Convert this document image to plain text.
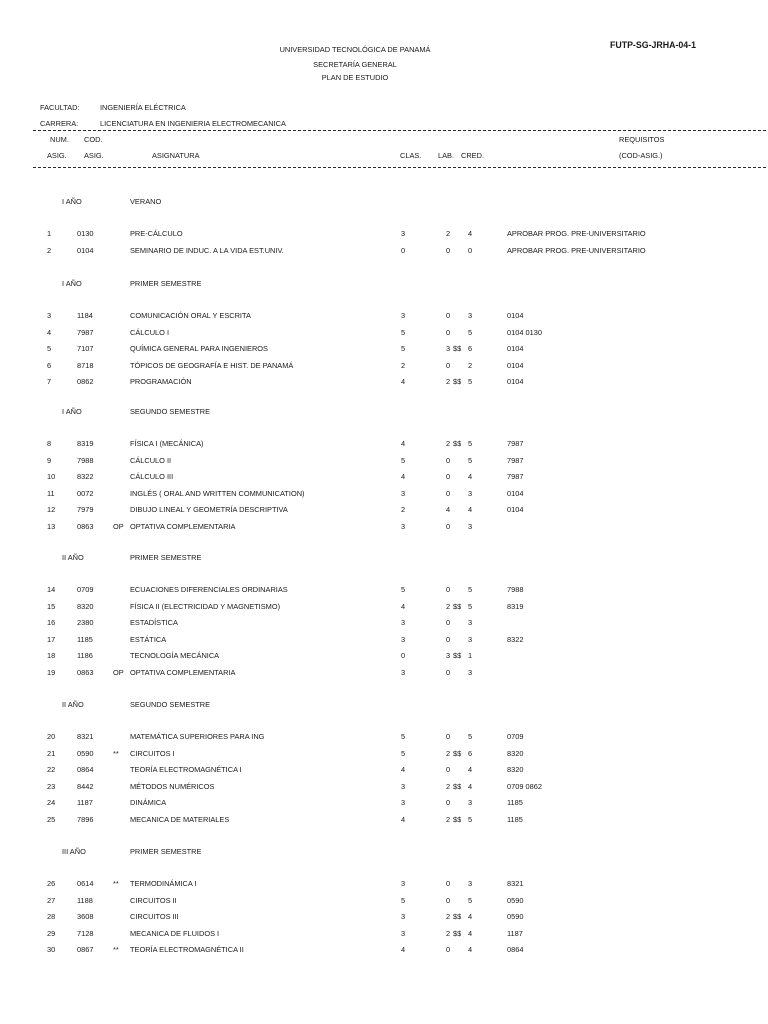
UNIVERSIDAD TECNOLÓGICA DE PANAMÁ
SECRETARÍA GENERAL
PLAN DE ESTUDIO
FUTP-SG-JRHA-04-1
FACULTAD:	INGENIERÍA ELÉCTRICA
CARRERA:	LICENCIATURA EN INGENIERIA ELECTROMECANICA
NUM. COD.	REQUISITOS
ASIG. ASIG.	ASIGNATURA	CLAS. LAB. CRED.	(COD-ASIG.)
I AÑO	VERANO
1	0130	PRE-CÁLCULO	3	2 4	APROBAR PROG. PRE-UNIVERSITARIO
2	0104	SEMINARIO DE INDUC. A LA VIDA EST.UNIV.	0	0 0	APROBAR PROG. PRE-UNIVERSITARIO
I AÑO	PRIMER SEMESTRE
3	1184	COMUNICACIÓN ORAL Y ESCRITA	3	0 3	0104
4	7987	CÁLCULO I	5	0 5	0104 0130
5	7107	QUÍMICA GENERAL PARA INGENIEROS	5	3 $$ 6	0104
6	8718	TÓPICOS DE GEOGRAFÍA E HIST. DE PANAMÁ	2	0 2	0104
7	0862	PROGRAMACIÓN	4	2 $$ 5	0104
I AÑO	SEGUNDO SEMESTRE
8	8319	FÍSICA I (MECÁNICA)	4	2 $$ 5	7987
9	7988	CÁLCULO II	5	0 5	7987
10	8322	CÁLCULO III	4	0 4	7987
11	0072	INGLÉS ( ORAL AND WRITTEN COMMUNICATION)	3	0 3	0104
12	7979	DIBUJO LINEAL Y GEOMETRÍA DESCRIPTIVA	2	4 4	0104
13	0863	OP OPTATIVA COMPLEMENTARIA	3	0 3
II AÑO	PRIMER SEMESTRE
14	0709	ECUACIONES DIFERENCIALES ORDINARIAS	5	0 5	7988
15	8320	FÍSICA II (ELECTRICIDAD Y MAGNETISMO)	4	2 $$ 5	8319
16	2380	ESTADÍSTICA	3	0 3
17	1185	ESTÁTICA	3	0 3	8322
18	1186	TECNOLOGÍA MECÁNICA	0	3 $$ 1
19	0863	OP OPTATIVA COMPLEMENTARIA	3	0 3
II AÑO	SEGUNDO SEMESTRE
20	8321	MATEMÁTICA SUPERIORES PARA ING	5	0 5	0709
21	0590	** CIRCUITOS I	5	2 $$ 6	8320
22	0864	TEORÍA ELECTROMAGNÉTICA I	4	0 4	8320
23	8442	MÉTODOS NUMÉRICOS	3	2 $$ 4	0709 0862
24	1187	DINÁMICA	3	0 3	1185
25	7896	MECANICA DE MATERIALES	4	2 $$ 5	1185
III AÑO	PRIMER SEMESTRE
26	0614	** TERMODINÁMICA I	3	0 3	8321
27	1188	CIRCUITOS II	5	0 5	0590
28	3608	CIRCUITOS III	3	2 $$ 4	0590
29	7128	MECANICA DE FLUIDOS I	3	2 $$ 4	1187
30	0867	** TEORÍA ELECTROMAGNÉTICA II	4	0 4	0864
